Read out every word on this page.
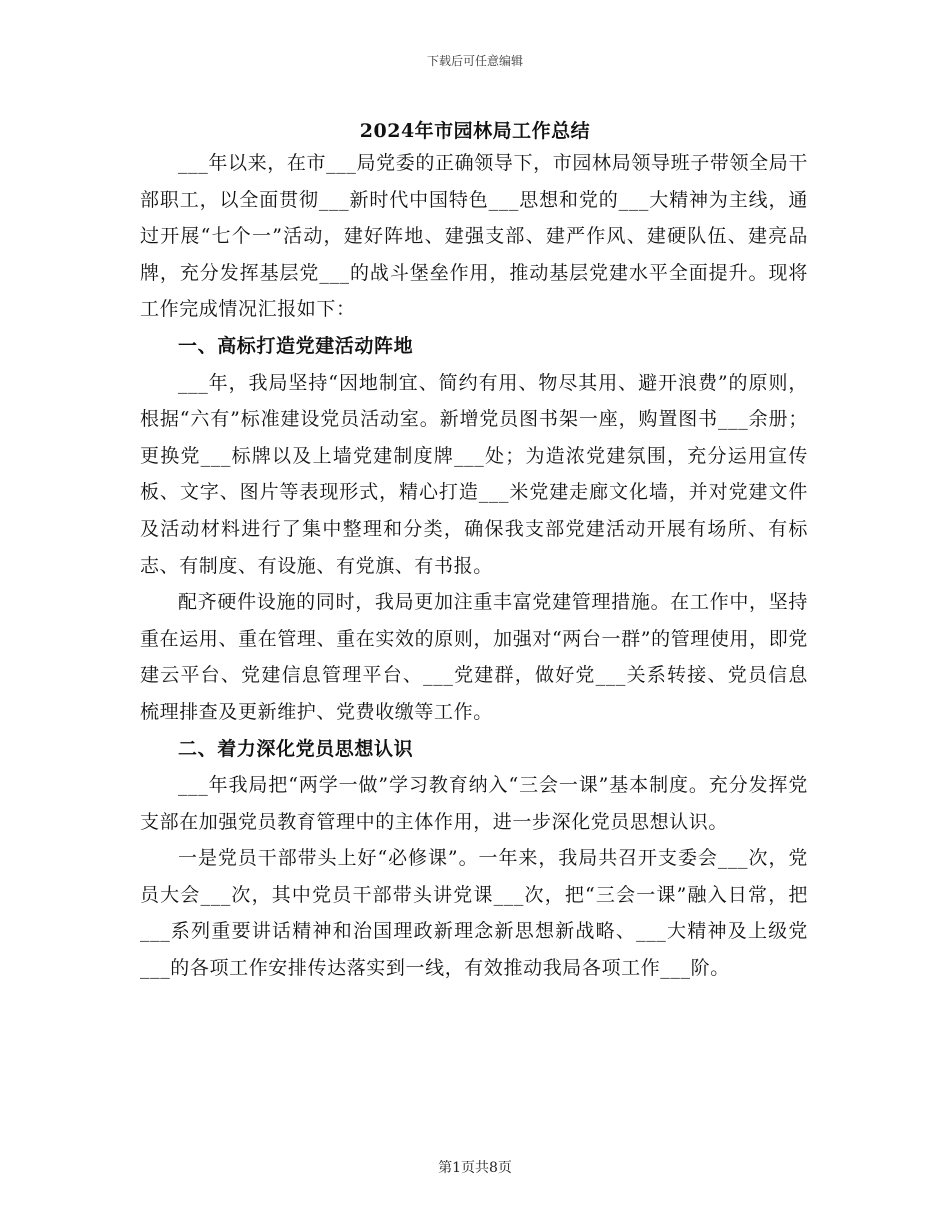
下载后可任意编辑
2024年市园林局工作总结

___年以来，在市___局党委的正确领导下，市园林局领导班子带领全局干部职工，以全面贯彻___新时代中国特色___思想和党的___大精神为主线，通过开展“七个一”活动，建好阵地、建强支部、建严作风、建硬队伍、建亮品牌，充分发挥基层党___的战斗堡垒作用，推动基层党建水平全面提升。现将工作完成情况汇报如下：

一、高标打造党建活动阵地

___年，我局坚持“因地制宜、简约有用、物尽其用、避开浪费”的原则，根据“六有”标准建设党员活动室。新增党员图书架一座，购置图书___余册；更换党___标牌以及上墙党建制度牌___处；为造浓党建氛围，充分运用宣传板、文字、图片等表现形式，精心打造___米党建走廊文化墙，并对党建文件及活动材料进行了集中整理和分类，确保我支部党建活动开展有场所、有标志、有制度、有设施、有党旗、有书报。

配齐硬件设施的同时，我局更加注重丰富党建管理措施。在工作中，坚持重在运用、重在管理、重在实效的原则，加强对“两台一群”的管理使用，即党建云平台、党建信息管理平台、___党建群，做好党___关系转接、党员信息梳理排查及更新维护、党费收缴等工作。

二、着力深化党员思想认识

___年我局把“两学一做”学习教育纳入“三会一课”基本制度。充分发挥党支部在加强党员教育管理中的主体作用，进一步深化党员思想认识。

一是党员干部带头上好“必修课”。一年来，我局共召开支委会___次，党员大会___次，其中党员干部带头讲党课___次，把“三会一课”融入日常，把___系列重要讲话精神和治国理政新理念新思想新战略、___大精神及上级党___的各项工作安排传达落实到一线，有效推动我局各项工作___阶。

第1页共8页
